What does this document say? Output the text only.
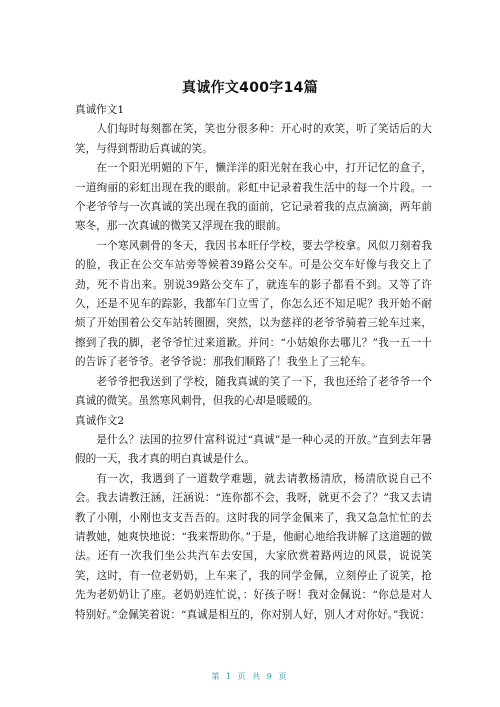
真诚作文400字14篇

真诚作文1

人们每时每刻都在笑，笑也分很多种：开心时的欢笑，听了笑话后的大笑，与得到帮助后真诚的笑。

在一个阳光明媚的下午，懒洋洋的阳光射在我心中，打开记忆的盒子，一道绚丽的彩虹出现在我的眼前。彩虹中记录着我生活中的每一个片段。一个老爷爷与一次真诚的笑出现在我的面前，它记录着我的点点滴滴，两年前寒冬，那一次真诚的微笑又浮现在我的眼前。

一个寒风刺骨的冬天，我因书本旺仔学校，要去学校拿。风似刀刻着我的脸，我正在公交车站旁等候着39路公交车。可是公交车好像与我交上了劲，死不肯出来。别说39路公交车了，就连车的影子都看不到。又等了许久，还是不见车的踪影，我都车门立雪了，你怎么还不知足呢？我开始不耐烦了开始围着公交车站转圈圈，突然，以为慈祥的老爷爷骑着三轮车过来，擦到了我的脚，老爷爷忙过来道歉。并问：“小姑娘你去哪儿？”我一五一十的告诉了老爷爷。老爷爷说：那我们顺路了！我坐上了三轮车。

老爷爷把我送到了学校，随我真诚的笑了一下，我也还给了老爷爷一个真诚的微笑。虽然寒风刺骨，但我的心却是暖暖的。

真诚作文2

是什么？法国的拉罗什富科说过“真诚”是一种心灵的开放。”直到去年暑假的一天，我才真的明白真诚是什么。

有一次，我遇到了一道数学难题，就去请教杨清欣，杨清欣说自己不会。我去请教汪涵，汪涵说：“连你都不会，我呀，就更不会了？”我又去请教了小刚，小刚也支支吾吾的。这时我的同学金佩来了，我又急急忙忙的去请教她，她爽快地说：“我来帮助你。”于是，他耐心地给我讲解了这道题的做法。还有一次我们坐公共汽车去安国，大家欣赏着路两边的风景，说说笑笑，这时，有一位老奶奶，上车来了，我的同学金佩，立刻停止了说笑，抢先为老奶奶让了座。老奶奶连忙说，：好孩子呀！我对金佩说：“你总是对人特别好。”金佩笑着说：“真诚是相互的，你对别人好，别人才对你好。”我说：

第 1 页 共 9 页
